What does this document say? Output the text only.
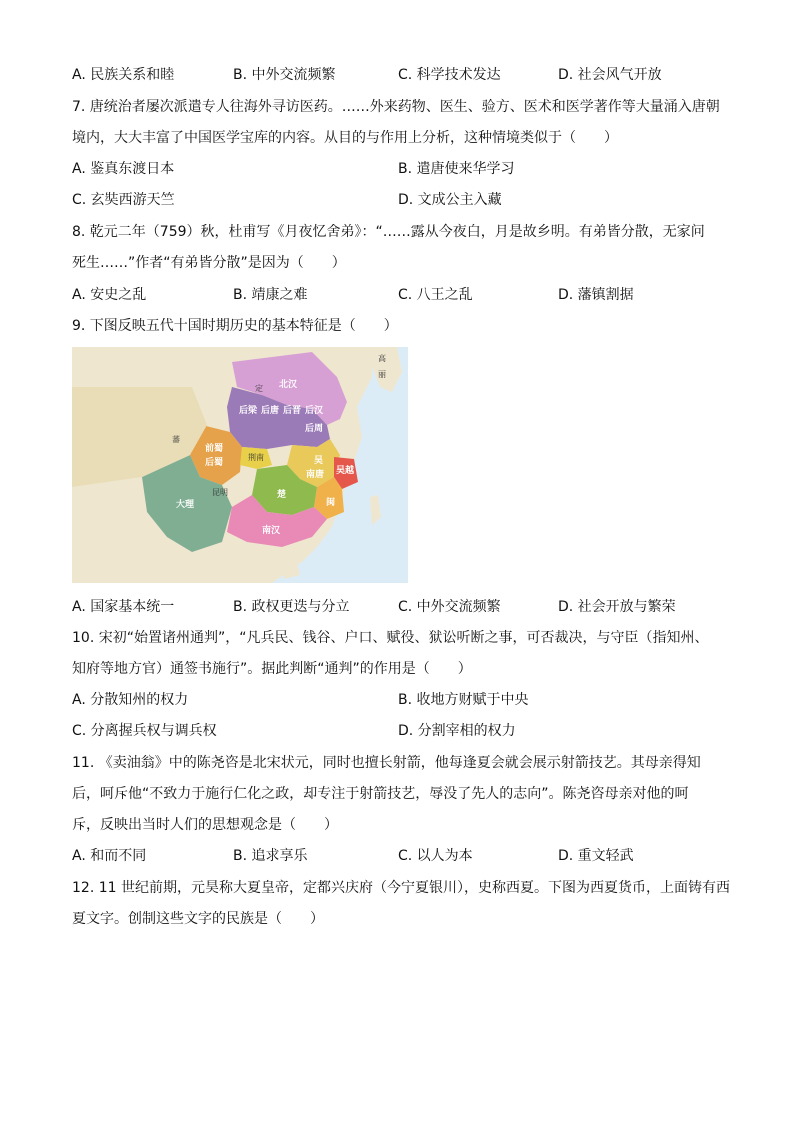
A. 民族关系和睦	B. 中外交流频繁	C. 科学技术发达	D. 社会风气开放
7. 唐统治者屡次派遣专人往海外寻访医药。……外来药物、医生、验方、医术和医学著作等大量涌入唐朝
境内，大大丰富了中国医学宝库的内容。从目的与作用上分析，这种情境类似于（　　）
A. 鉴真东渡日本	B. 遣唐使来华学习
C. 玄奘西游天竺	D. 文成公主入藏
8. 乾元二年（759）秋，杜甫写《月夜忆舍弟》：“……露从今夜白，月是故乡明。有弟皆分散，无家问
死生……”作者“有弟皆分散”是因为（　　）
A. 安史之乱	B. 靖康之难	C. 八王之乱	D. 藩镇割据
9. 下图反映五代十国时期历史的基本特征是（　　）
北汉
定
后梁 后唐 后晋 后汉
后周
前蜀
后蜀
荆南	吴
南唐 吴越
闽
楚
昆明
大理
南汉
蕃
高
丽
A. 国家基本统一	B. 政权更迭与分立	C. 中外交流频繁	D. 社会开放与繁荣
10. 宋初“始置诸州通判”，“凡兵民、钱谷、户口、赋役、狱讼听断之事，可否裁决，与守臣（指知州、
知府等地方官）通签书施行”。据此判断“通判”的作用是（　　）
A. 分散知州的权力	B. 收地方财赋于中央
C. 分离握兵权与调兵权	D. 分割宰相的权力
11. 《卖油翁》中的陈尧咨是北宋状元，同时也擅长射箭，他每逢夏会就会展示射箭技艺。其母亲得知
后，呵斥他“不致力于施行仁化之政，却专注于射箭技艺，辱没了先人的志向”。陈尧咨母亲对他的呵
斥，反映出当时人们的思想观念是（　　）
A. 和而不同	B. 追求享乐	C. 以人为本	D. 重文轻武
12. 11 世纪前期，元昊称大夏皇帝，定都兴庆府（今宁夏银川），史称西夏。下图为西夏货币，上面铸有西
夏文字。创制这些文字的民族是（　　）
